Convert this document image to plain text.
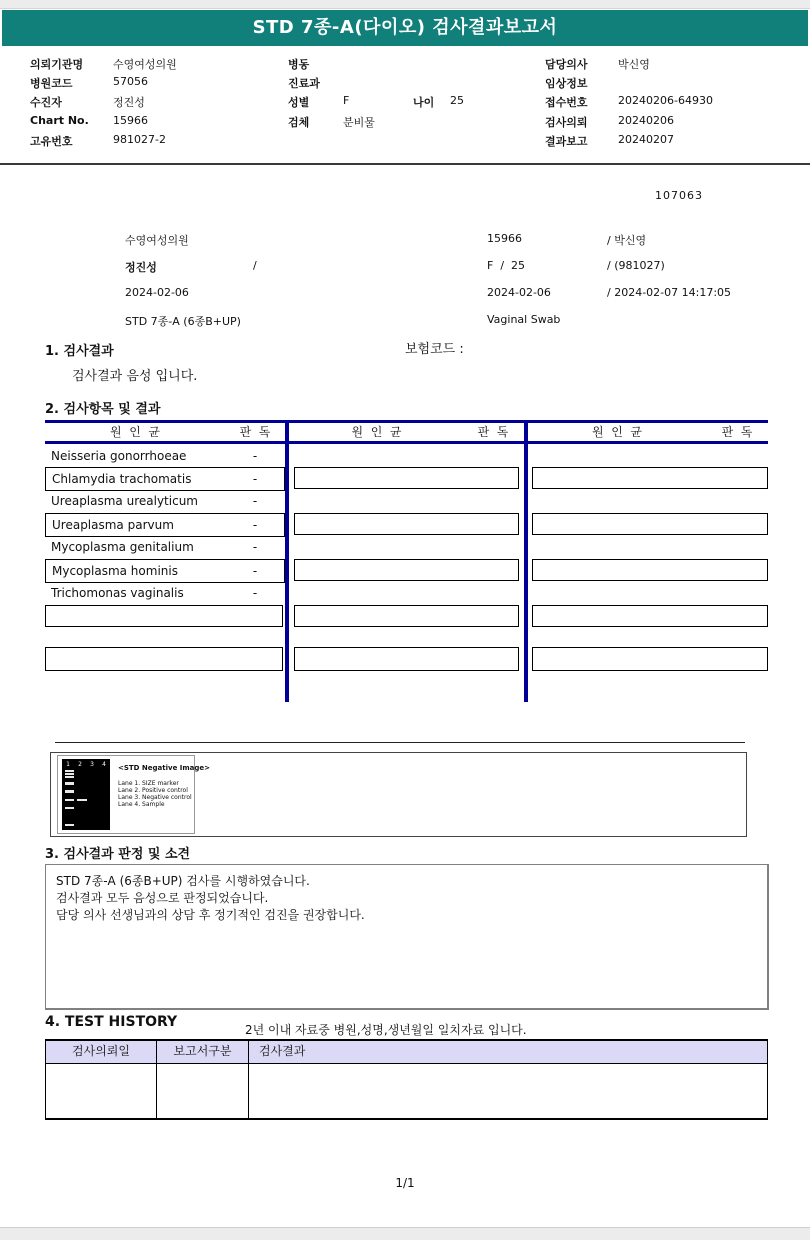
STD 7종-A(다이오) 검사결과보고서
의뢰기관명	수영여성의원
병원코드	57056
수진자	정진성
Chart No. 15966
고유번호	981027-2
병동
진료과
성별	F	나이 25
검체	분비물
담당의사	박신영
임상정보
접수번호	20240206-64930
검사의뢰	20240206
결과보고	20240207
107063
수영여성의원
정진성	/
2024-02-06
STD 7종-A (6종B+UP)
15966	/ 박신영
F  /  25	/ (981027)
2024-02-06	/ 2024-02-07 14:17:05
Vaginal Swab
1. 검사결과	보험코드 :
검사결과 음성 입니다.
2. 검사항목 및 결과
원  인  균	판  독	원  인  균	판  독	원  인  균	판  독
Neisseria gonorrhoeae	-
Chlamydia trachomatis	-
Ureaplasma urealyticum	-
Ureaplasma parvum	-
Mycoplasma genitalium	-
Mycoplasma hominis	-
Trichomonas vaginalis	-
1	2	3	4	<STD Negative Image>
Lane 1. SIZE marker
Lane 2. Positive control
Lane 3. Negative control
Lane 4. Sample
3. 검사결과 판정 및 소견
STD 7종-A (6종B+UP) 검사를 시행하였습니다.
검사결과 모두 음성으로 판정되었습니다.
담당 의사 선생님과의 상담 후 정기적인 검진을 권장합니다.
4. TEST HISTORY	2년 이내 자료중 병원,성명,생년월일 일치자료 입니다.
검사의뢰일	보고서구분	검사결과
1/1
